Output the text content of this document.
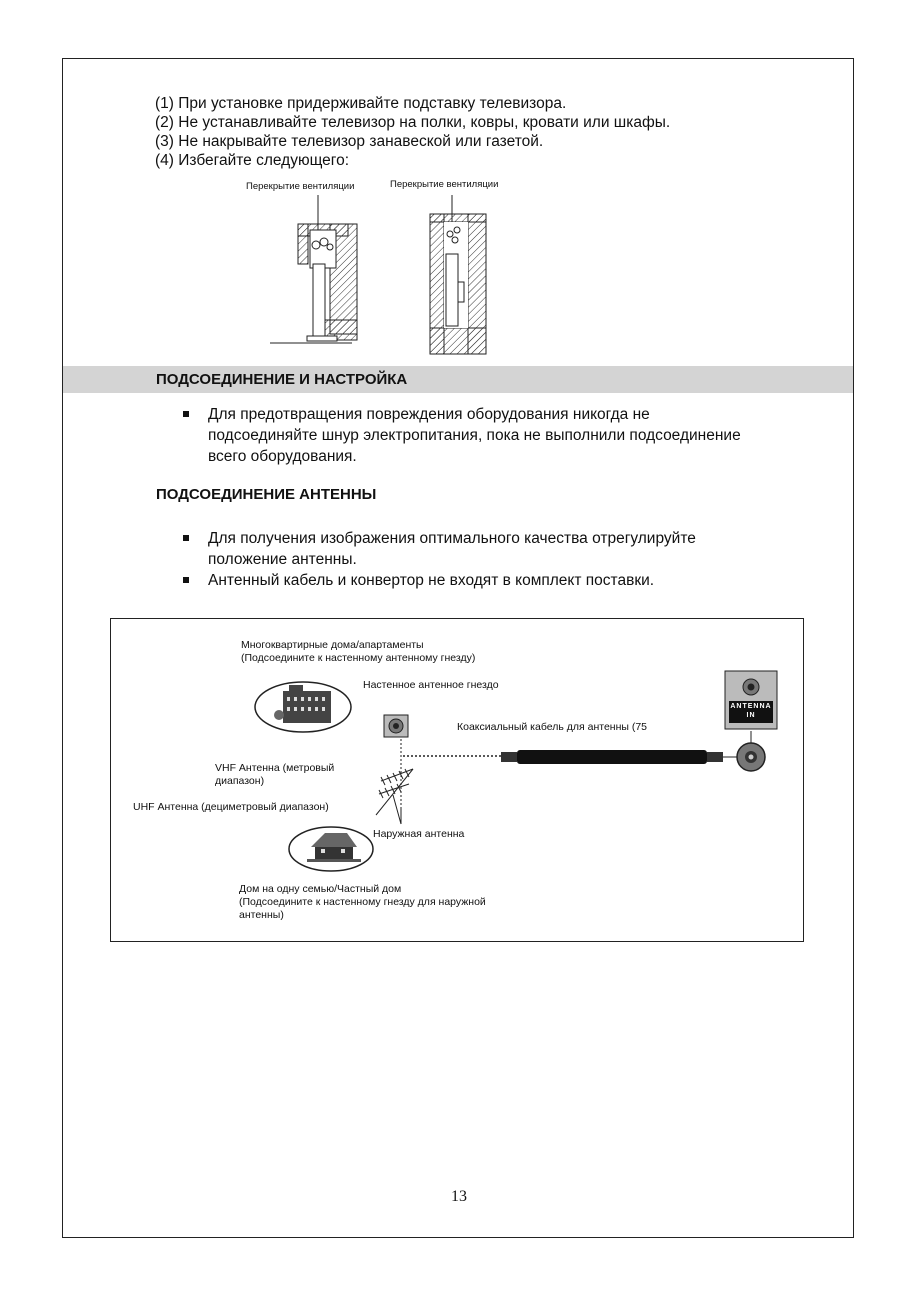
(1) При установке придерживайте подставку телевизора.
(2) Не устанавливайте телевизор на полки, ковры, кровати или шкафы.
(3) Не накрывайте телевизор занавеской или газетой.
(4) Избегайте следующего:
Перекрытие вентиляции	Перекрытие вентиляции
ПОДСОЕДИНЕНИЕ И НАСТРОЙКА
Для предотвращения повреждения оборудования никогда не
подсоединяйте шнур электропитания, пока не выполнили подсоединение
всего оборудования.
ПОДСОЕДИНЕНИЕ АНТЕННЫ
Для получения изображения оптимального качества отрегулируйте
положение антенны.
Антенный кабель и конвертор не входят в комплект поставки.
Многоквартирные дома/апартаменты
(Подсоедините к настенному антенному гнезду)
Настенное антенное гнездо
Коаксиальный кабель для антенны (75
VHF Антенна (метровый
диапазон)
UHF Антенна (дециметровый диапазон)
Наружная антенна
Дом на одну семью/Частный дом
(Подсоедините к настенному гнезду для наружной
антенны)
ANTENNA
IN
13
